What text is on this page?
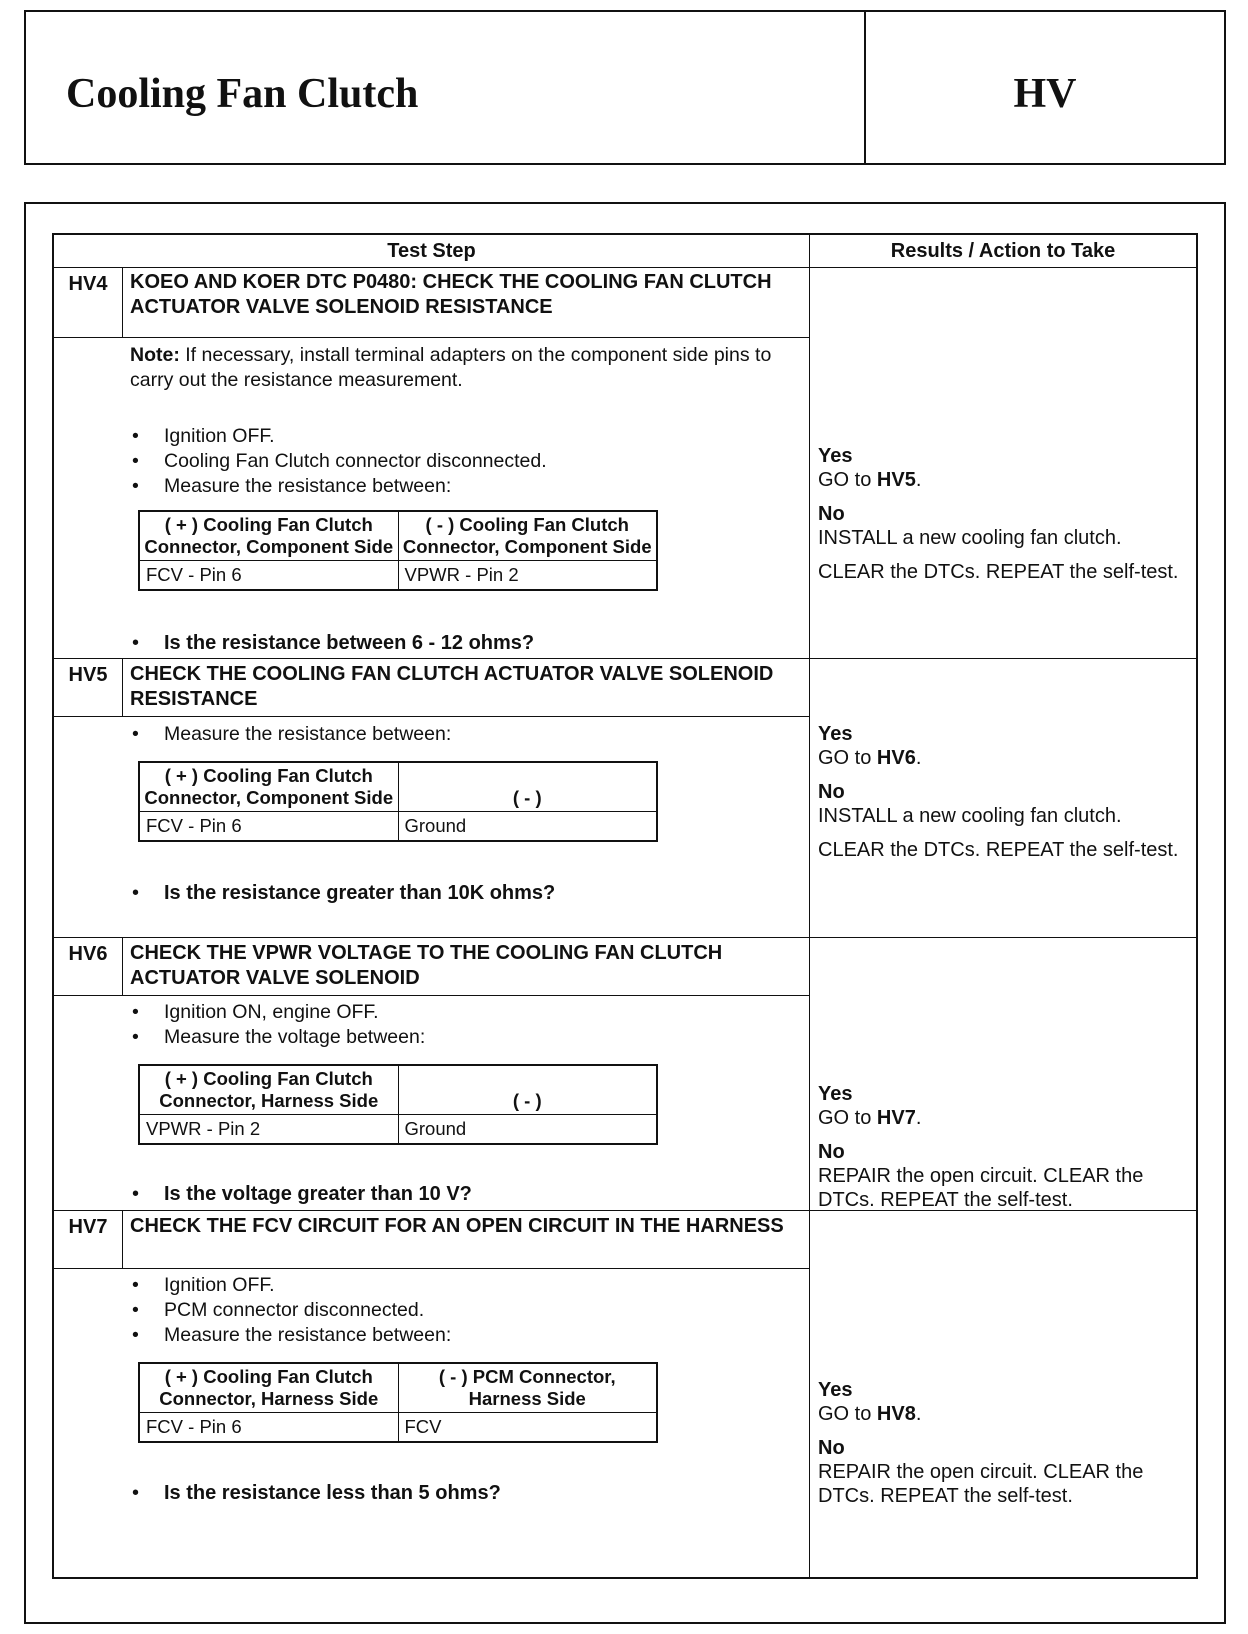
Cooling Fan Clutch	HV
Test Step	Results / Action to Take
HV4	KOEO AND KOER DTC P0480: CHECK THE COOLING FAN CLUTCH ACTUATOR VALVE SOLENOID RESISTANCE
Note: If necessary, install terminal adapters on the component side pins to carry out the resistance measurement.
• Ignition OFF.
• Cooling Fan Clutch connector disconnected.
• Measure the resistance between:
( + ) Cooling Fan Clutch Connector, Component Side	( - ) Cooling Fan Clutch Connector, Component Side
FCV - Pin 6	VPWR - Pin 2
• Is the resistance between 6 - 12 ohms?
Yes
GO to HV5.
No
INSTALL a new cooling fan clutch.
CLEAR the DTCs. REPEAT the self-test.
HV5	CHECK THE COOLING FAN CLUTCH ACTUATOR VALVE SOLENOID RESISTANCE
• Measure the resistance between:
( + ) Cooling Fan Clutch Connector, Component Side	( - )
FCV - Pin 6	Ground
• Is the resistance greater than 10K ohms?
Yes
GO to HV6.
No
INSTALL a new cooling fan clutch.
CLEAR the DTCs. REPEAT the self-test.
HV6	CHECK THE VPWR VOLTAGE TO THE COOLING FAN CLUTCH ACTUATOR VALVE SOLENOID
• Ignition ON, engine OFF.
• Measure the voltage between:
( + ) Cooling Fan Clutch Connector, Harness Side	( - )
VPWR - Pin 2	Ground
• Is the voltage greater than 10 V?
Yes
GO to HV7.
No
REPAIR the open circuit. CLEAR the DTCs. REPEAT the self-test.
HV7	CHECK THE FCV CIRCUIT FOR AN OPEN CIRCUIT IN THE HARNESS
• Ignition OFF.
• PCM connector disconnected.
• Measure the resistance between:
( + ) Cooling Fan Clutch Connector, Harness Side	( - ) PCM Connector, Harness Side
FCV - Pin 6	FCV
• Is the resistance less than 5 ohms?
Yes
GO to HV8.
No
REPAIR the open circuit. CLEAR the DTCs. REPEAT the self-test.
